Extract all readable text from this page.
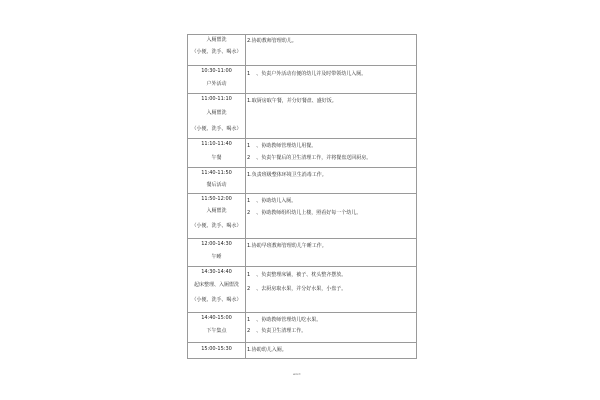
入厕盥洗
（小便、洗手、喝水）	2.协助教师管理幼儿。

10:30-11:00
户外活动	1 、负责户外活动有便的幼儿并及时带领幼儿入厕。

11:00-11:10
入厕盥洗
（小便、洗手、喝水）	1.取厨房取午餐，并分好餐盘、盛好饭。

11:10-11:40
午餐	1 、协助教师管理幼儿用餐。
2 、负责午餐后的卫生清理工作，并将餐盘送回厨房。

11:40-11:50
餐后活动	1.负责班级整体环境卫生消毒工作。

11:50-12:00
入厕盥洗
（小便、洗手、喝水）	1 、协助幼儿入厕。
2 、协助教师组织幼儿上楼，照看好每一个幼儿。

12:00-14:30
午睡	1.协助早班教师管理幼儿午睡工作。

14:30-14:40
起床整理、入厕盥洗
（小便、洗手、喝水）	1 、负责整理床铺，被子、枕头整齐摆放。
2 、去厨房取水果，并分好水果，小盘子。

14:40-15:00
下午集点	1 、协助教师管理幼儿吃水果。
2 、负责卫生清理工作。

15:00-15:30	1.协助幼儿入厕。
word
